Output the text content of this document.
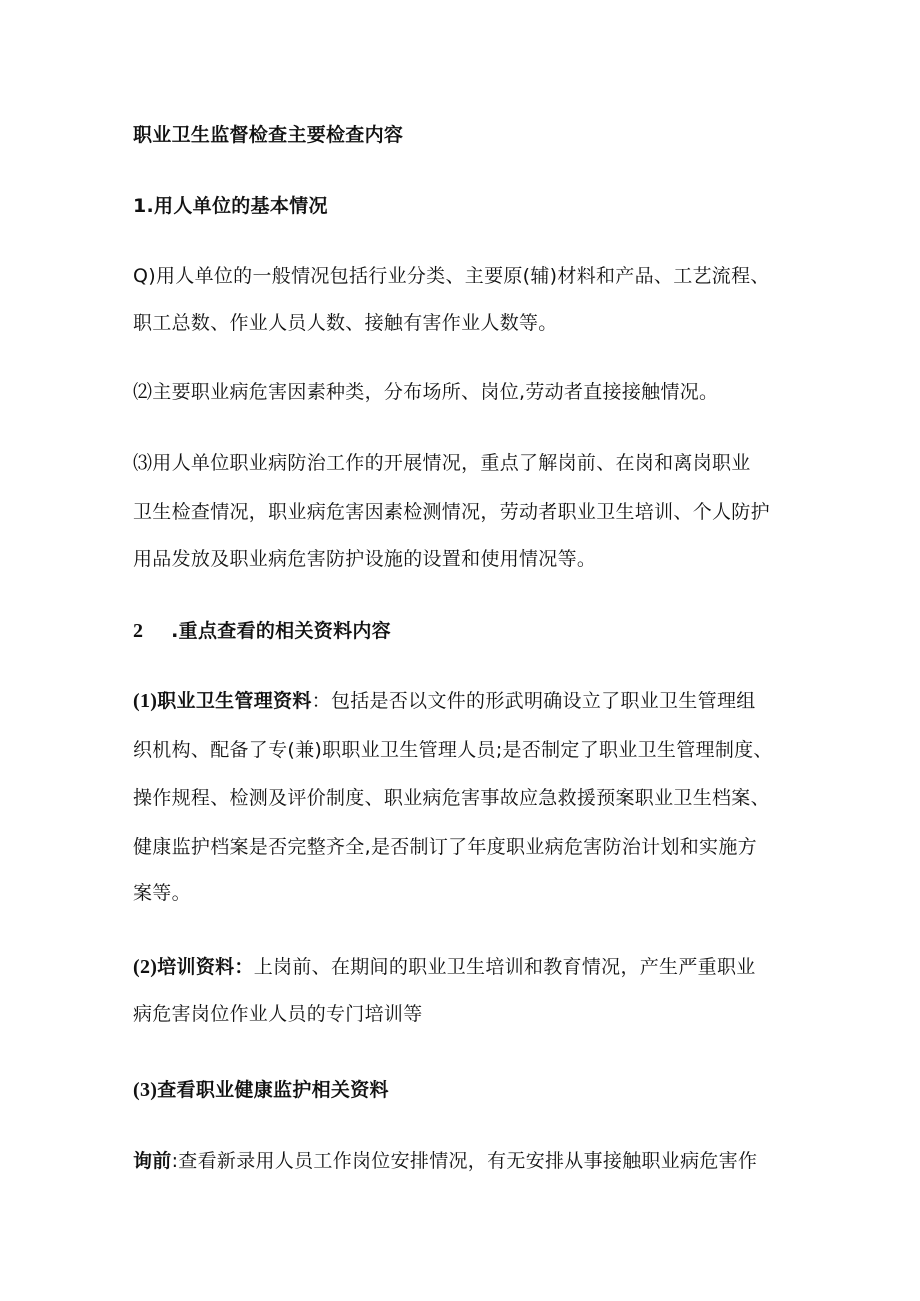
职业卫生监督检查主要检查内容
1.用人单位的基本情况
Q)用人单位的一般情况包括行业分类、主要原(辅)材料和产品、工艺流程、
职工总数、作业人员人数、接触有害作业人数等。
⑵主要职业病危害因素种类，分布场所、岗位,劳动者直接接触情况。
⑶用人单位职业病防治工作的开展情况，重点了解岗前、在岗和离岗职业
卫生检查情况，职业病危害因素检测情况，劳动者职业卫生培训、个人防护
用品发放及职业病危害防护设施的设置和使用情况等。
2 .重点查看的相关资料内容
(1)职业卫生管理资料：包括是否以文件的形武明确设立了职业卫生管理组
织机构、配备了专(兼)职职业卫生管理人员;是否制定了职业卫生管理制度、
操作规程、检测及评价制度、职业病危害事故应急救援预案职业卫生档案、
健康监护档案是否完整齐全,是否制订了年度职业病危害防治计划和实施方
案等。
(2)培训资料：上岗前、在期间的职业卫生培训和教育情况，产生严重职业
病危害岗位作业人员的专门培训等
(3)查看职业健康监护相关资料
询前:查看新录用人员工作岗位安排情况，有无安排从事接触职业病危害作
